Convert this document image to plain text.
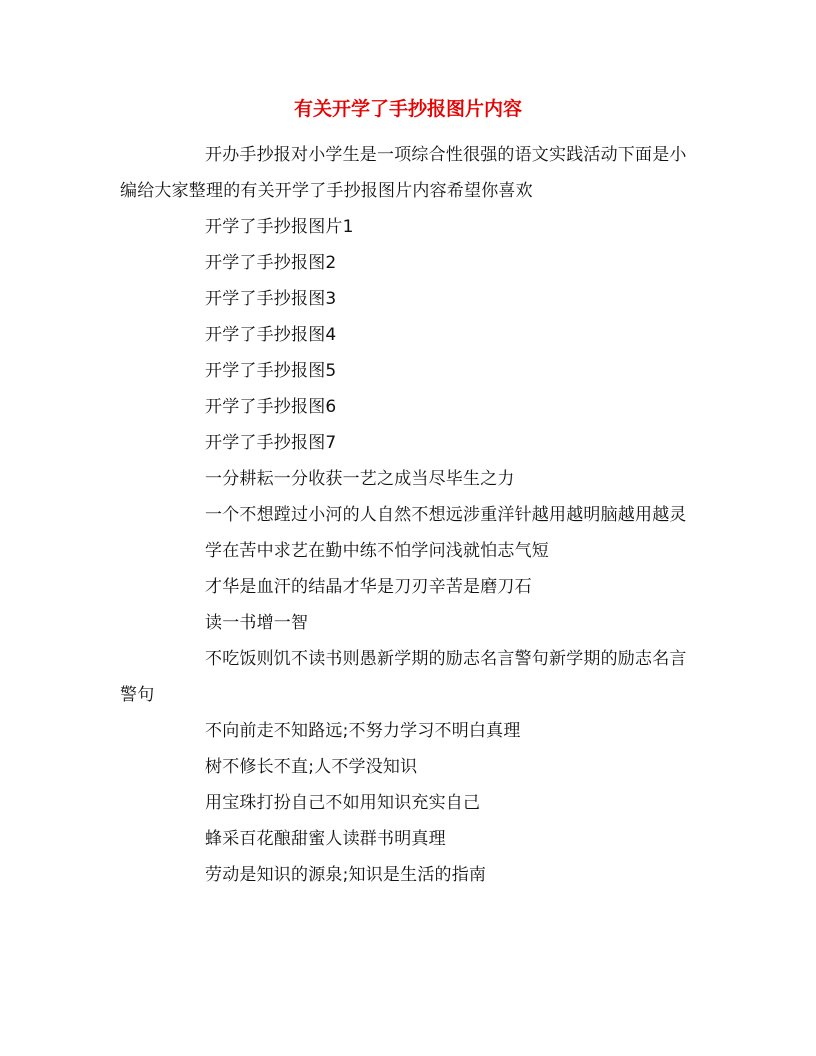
有关开学了手抄报图片内容

开办手抄报对小学生是一项综合性很强的语文实践活动下面是小编给大家整理的有关开学了手抄报图片内容希望你喜欢

开学了手抄报图片1

开学了手抄报图2

开学了手抄报图3

开学了手抄报图4

开学了手抄报图5

开学了手抄报图6

开学了手抄报图7

一分耕耘一分收获一艺之成当尽毕生之力

一个不想蹚过小河的人自然不想远涉重洋针越用越明脑越用越灵

学在苦中求艺在勤中练不怕学问浅就怕志气短

才华是血汗的结晶才华是刀刃辛苦是磨刀石

读一书增一智

不吃饭则饥不读书则愚新学期的励志名言警句新学期的励志名言警句

不向前走不知路远;不努力学习不明白真理

树不修长不直;人不学没知识

用宝珠打扮自己不如用知识充实自己

蜂采百花酿甜蜜人读群书明真理

劳动是知识的源泉;知识是生活的指南
